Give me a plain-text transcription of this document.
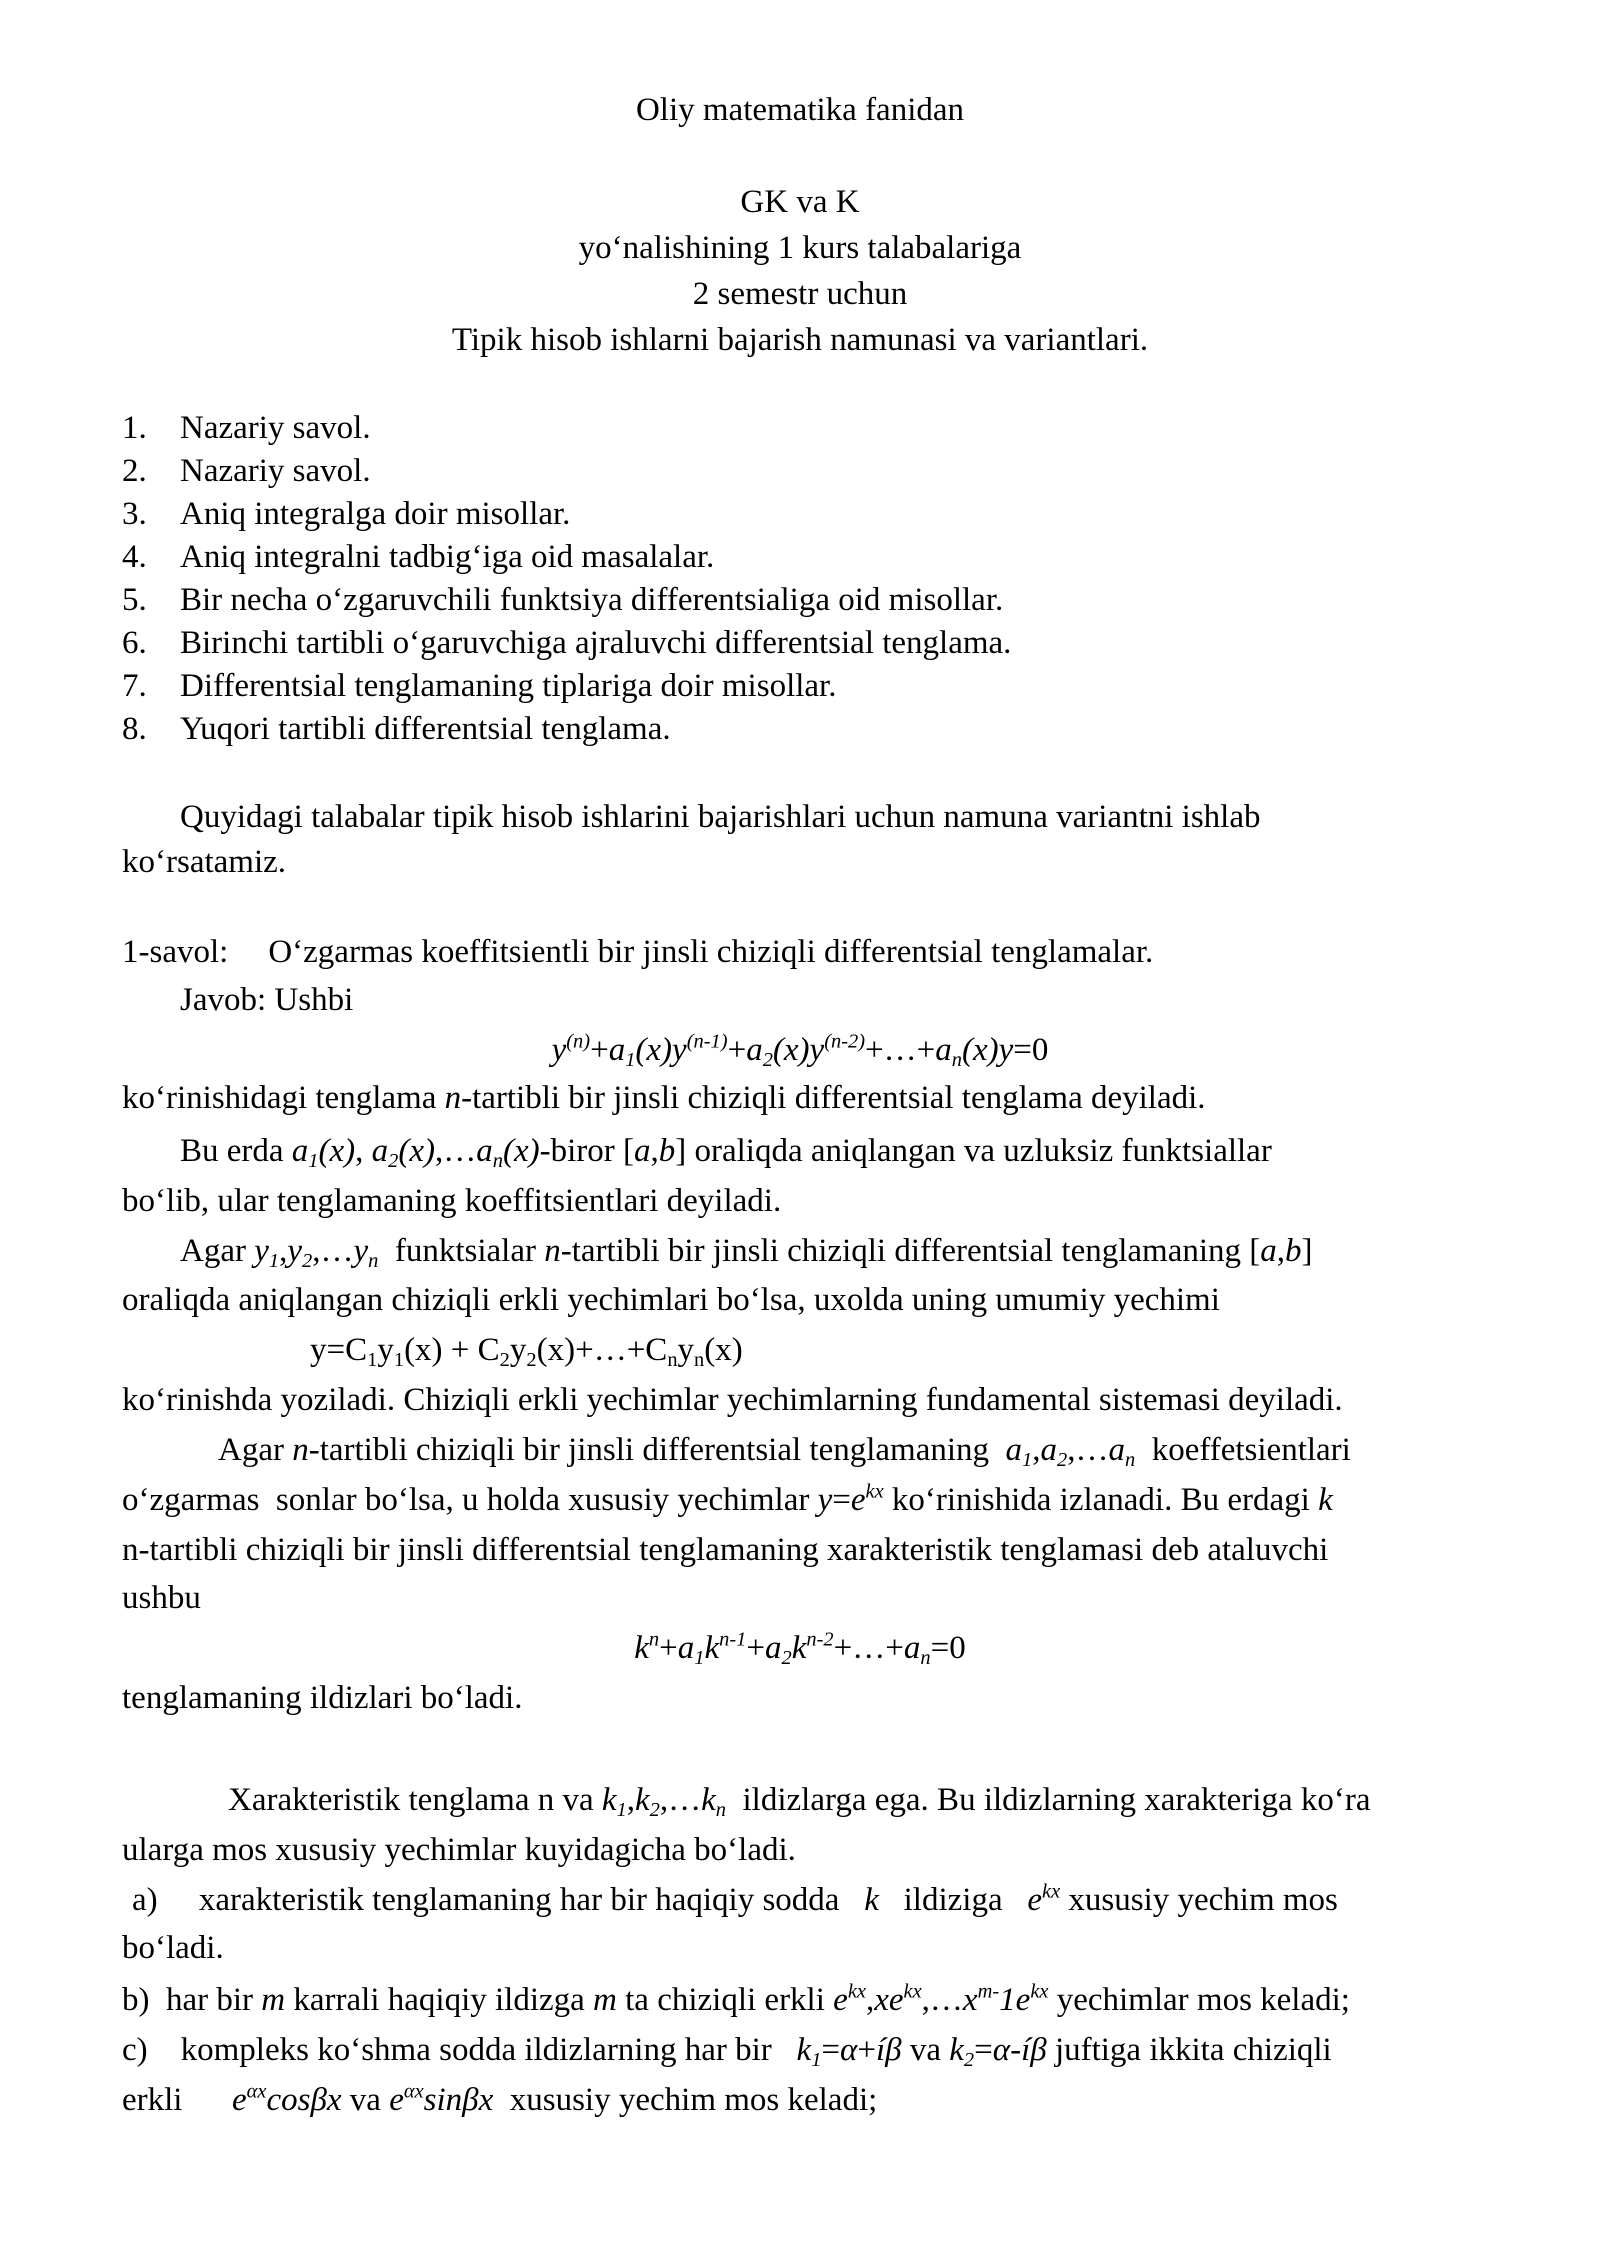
Oliy matematika fanidan
GK va K
yo‘nalishining 1 kurs talabalariga
2 semestr uchun
Tipik hisob ishlarni bajarish namunasi va variantlari.
1. Nazariy savol.
2. Nazariy savol.
3. Aniq integralga doir misollar.
4. Aniq integralni tadbig‘iga oid masalalar.
5. Bir necha o‘zgaruvchili funktsiya differentsialiga oid misollar.
6. Birinchi tartibli o‘garuvchiga ajraluvchi differentsial tenglama.
7. Differentsial tenglamaning tiplariga doir misollar.
8. Yuqori tartibli differentsial tenglama.
Quyidagi talabalar tipik hisob ishlarini bajarishlari uchun namuna variantni ishlab
ko‘rsatamiz.
1-savol: O‘zgarmas koeffitsientli bir jinsli chiziqli differentsial tenglamalar.
Javob: Ushbi
$y^{(n)}+a_1(x)y^{(n-1)}+a_2(x)y^{(n-2)}+\dots+a_n(x)y=0$
ko‘rinishidagi tenglama n-tartibli bir jinsli chiziqli differentsial tenglama deyiladi.
Bu erda $a_1(x)$, $a_2(x),\dots a_n(x)$-biror [a,b] oraliqda aniqlangan va uzluksiz funktsiallar
bo‘lib, ular tenglamaning koeffitsientlari deyiladi.
Agar $y_1,y_2,\dots y_n$  funktsialar n-tartibli bir jinsli chiziqli differentsial tenglamaning [a,b]
oraliqda aniqlangan chiziqli erkli yechimlari bo‘lsa, uxolda uning umumiy yechimi
$y=C_1y_1(x)$ + $C_2y_2(x)+\dots+C_ny_n(x)$
ko‘rinishda yoziladi. Chiziqli erkli yechimlar yechimlarning fundamental sistemasi deyiladi.
Agar n-tartibli chiziqli bir jinsli differentsial tenglamaning  $a_1,a_2,\dots a_n$  koeffetsientlari
o‘zgarmas  sonlar bo‘lsa, u holda xususiy yechimlar $y=e^{kx}$ ko‘rinishida izlanadi. Bu erdagi k
n-tartibli chiziqli bir jinsli differentsial tenglamaning xarakteristik tenglamasi deb ataluvchi
ushbu
$k^n+a_1k^{n-1}+a_2k^{n-2}+\dots+a_n=0$
tenglamaning ildizlari bo‘ladi.
Xarakteristik tenglama n va $k_1,k_2,\dots k_n$  ildizlarga ega. Bu ildizlarning xarakteriga ko‘ra
ularga mos xususiy yechimlar kuyidagicha bo‘ladi.
a)     xarakteristik tenglamaning har bir haqiqiy sodda   k   ildiziga   $e^{kx}$ xususiy yechim mos
bo‘ladi.
b)  har bir m karrali haqiqiy ildizga m ta chiziqli erkli $e^{kx},xe^{kx},\dots x^{m-}1e^{kx}$ yechimlar mos keladi;
c)    kompleks ko‘shma sodda ildizlarning har bir   $k_1=\alpha+í\beta$ va $k_2=\alpha-í\beta$ juftiga ikkita chiziqli
erkli      $e^{\alpha x}\cos\beta x$ va $e^{\alpha x}\sin\beta x$  xususiy yechim mos keladi;
